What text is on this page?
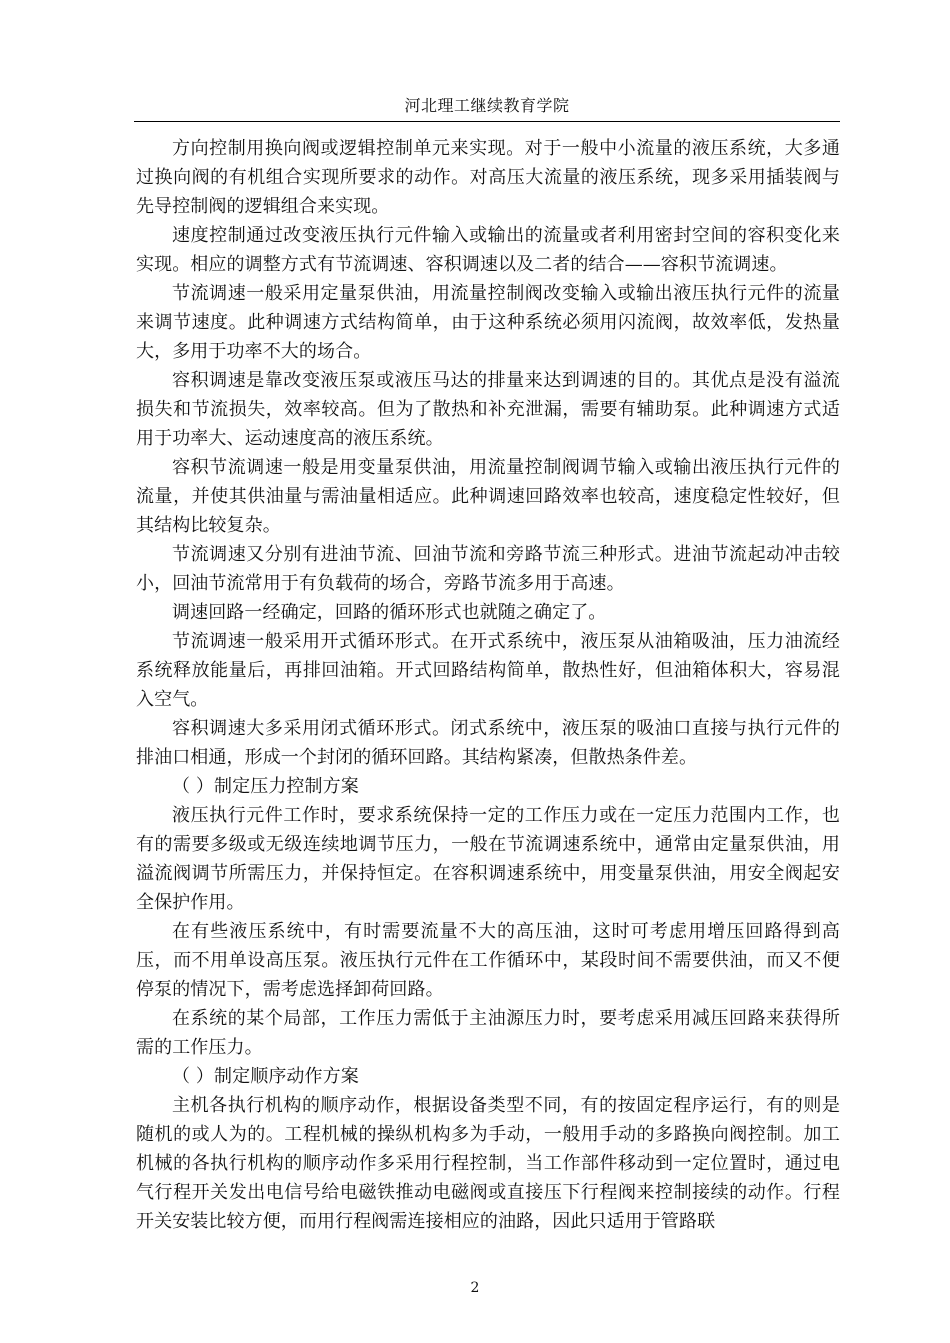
河北理工继续教育学院

方向控制用换向阀或逻辑控制单元来实现。对于一般中小流量的液压系统，大多通过换向阀的有机组合实现所要求的动作。对高压大流量的液压系统，现多采用插装阀与先导控制阀的逻辑组合来实现。

速度控制通过改变液压执行元件输入或输出的流量或者利用密封空间的容积变化来实现。相应的调整方式有节流调速、容积调速以及二者的结合——容积节流调速。

节流调速一般采用定量泵供油，用流量控制阀改变输入或输出液压执行元件的流量来调节速度。此种调速方式结构简单，由于这种系统必须用闪流阀，故效率低，发热量大，多用于功率不大的场合。

容积调速是靠改变液压泵或液压马达的排量来达到调速的目的。其优点是没有溢流损失和节流损失，效率较高。但为了散热和补充泄漏，需要有辅助泵。此种调速方式适用于功率大、运动速度高的液压系统。

容积节流调速一般是用变量泵供油，用流量控制阀调节输入或输出液压执行元件的流量，并使其供油量与需油量相适应。此种调速回路效率也较高，速度稳定性较好，但其结构比较复杂。

节流调速又分别有进油节流、回油节流和旁路节流三种形式。进油节流起动冲击较小，回油节流常用于有负载荷的场合，旁路节流多用于高速。

调速回路一经确定，回路的循环形式也就随之确定了。

节流调速一般采用开式循环形式。在开式系统中，液压泵从油箱吸油，压力油流经系统释放能量后，再排回油箱。开式回路结构简单，散热性好，但油箱体积大，容易混入空气。

容积调速大多采用闭式循环形式。闭式系统中，液压泵的吸油口直接与执行元件的排油口相通，形成一个封闭的循环回路。其结构紧凑，但散热条件差。

（ ）制定压力控制方案

液压执行元件工作时，要求系统保持一定的工作压力或在一定压力范围内工作，也有的需要多级或无级连续地调节压力，一般在节流调速系统中，通常由定量泵供油，用溢流阀调节所需压力，并保持恒定。在容积调速系统中，用变量泵供油，用安全阀起安全保护作用。

在有些液压系统中，有时需要流量不大的高压油，这时可考虑用增压回路得到高压，而不用单设高压泵。液压执行元件在工作循环中，某段时间不需要供油，而又不便停泵的情况下，需考虑选择卸荷回路。

在系统的某个局部，工作压力需低于主油源压力时，要考虑采用减压回路来获得所需的工作压力。

（ ）制定顺序动作方案

主机各执行机构的顺序动作，根据设备类型不同，有的按固定程序运行，有的则是随机的或人为的。工程机械的操纵机构多为手动，一般用手动的多路换向阀控制。加工机械的各执行机构的顺序动作多采用行程控制，当工作部件移动到一定位置时，通过电气行程开关发出电信号给电磁铁推动电磁阀或直接压下行程阀来控制接续的动作。行程开关安装比较方便，而用行程阀需连接相应的油路，因此只适用于管路联

2
